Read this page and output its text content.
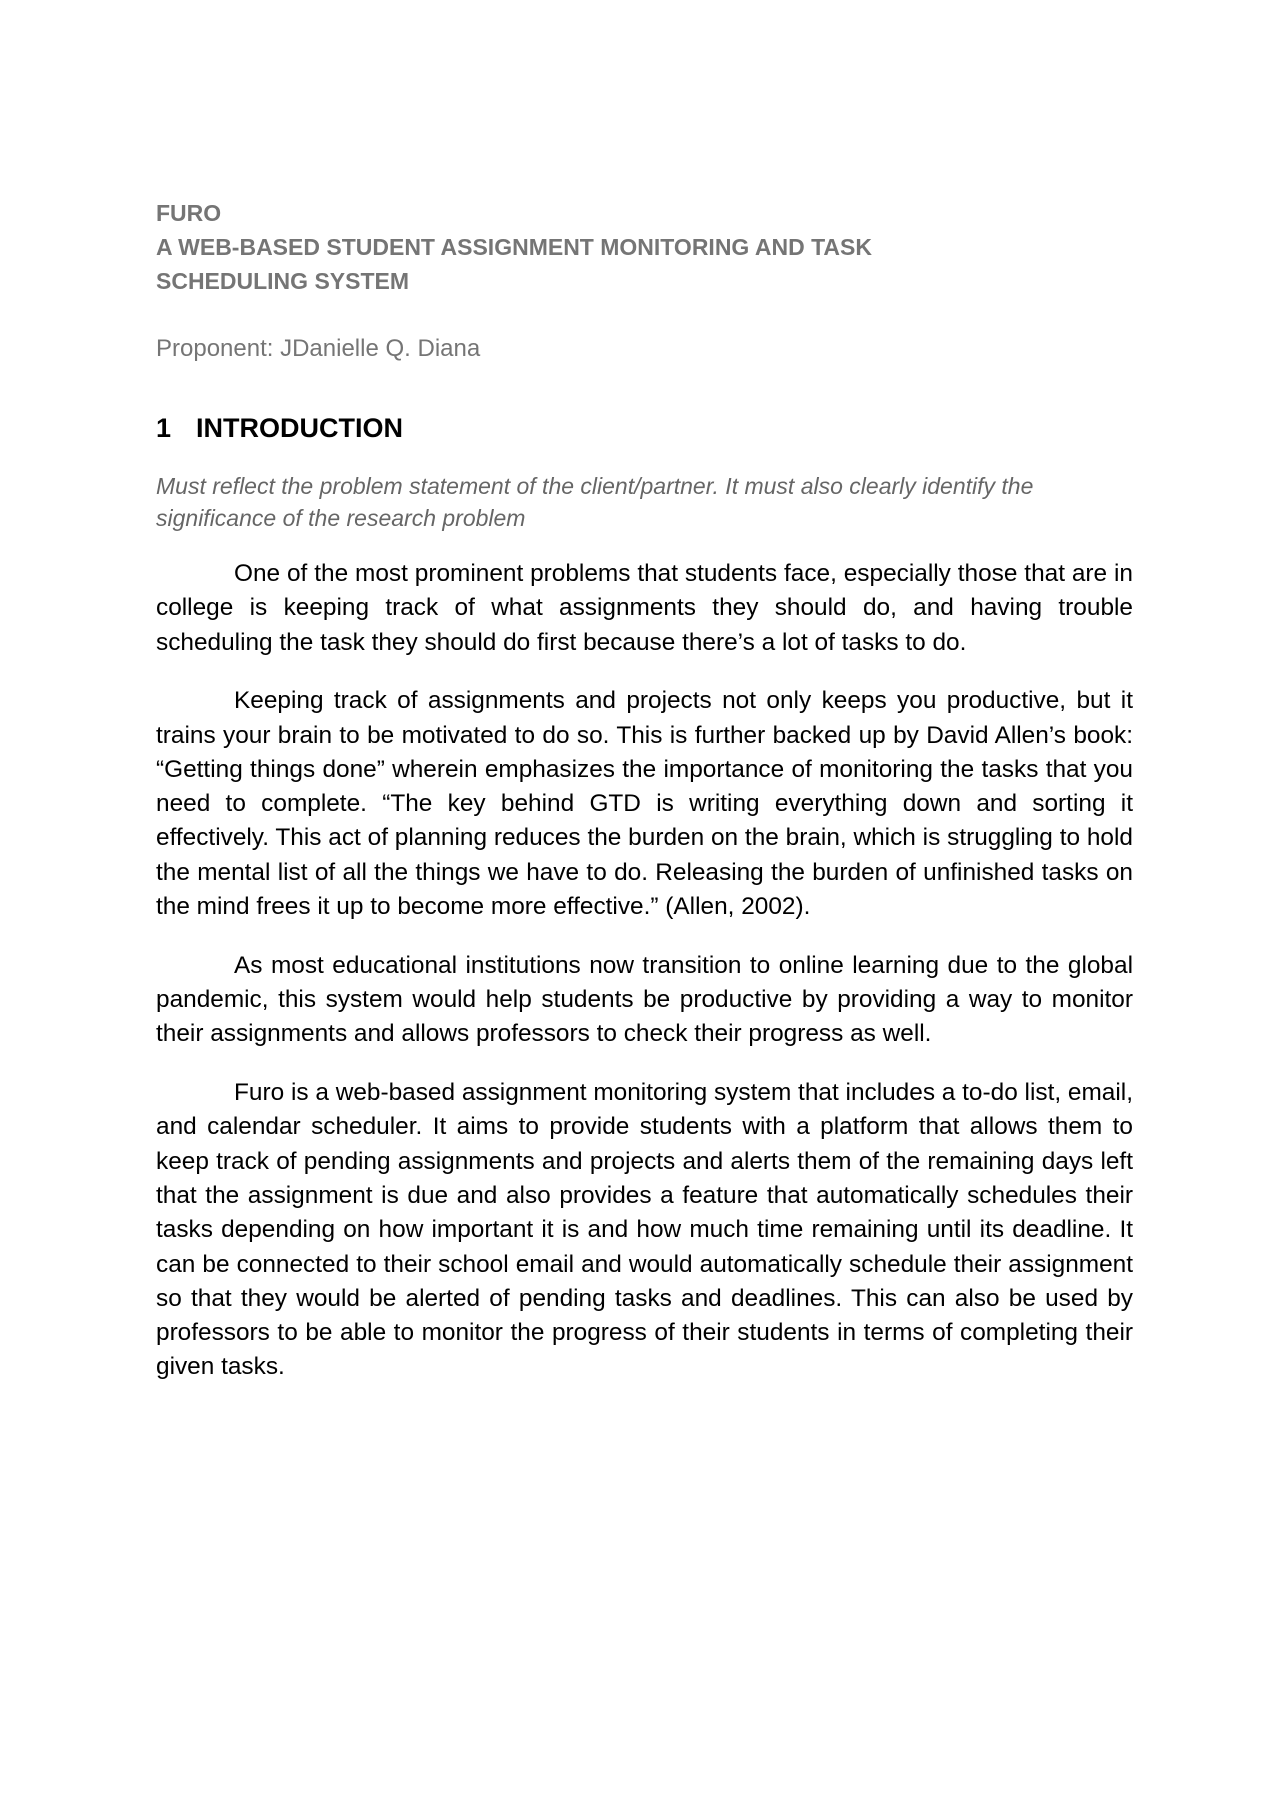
FURO
A WEB-BASED STUDENT ASSIGNMENT MONITORING AND TASK
SCHEDULING SYSTEM
Proponent: JDanielle Q. Diana
1 INTRODUCTION

Must reflect the problem statement of the client/partner. It must also clearly identify the significance of the research problem

One of the most prominent problems that students face, especially those that are in college is keeping track of what assignments they should do, and having trouble scheduling the task they should do first because there’s a lot of tasks to do.

Keeping track of assignments and projects not only keeps you productive, but it trains your brain to be motivated to do so. This is further backed up by David Allen’s book: “Getting things done” wherein emphasizes the importance of monitoring the tasks that you need to complete. “The key behind GTD is writing everything down and sorting it effectively. This act of planning reduces the burden on the brain, which is struggling to hold the mental list of all the things we have to do. Releasing the burden of unfinished tasks on the mind frees it up to become more effective.” (Allen, 2002).

As most educational institutions now transition to online learning due to the global pandemic, this system would help students be productive by providing a way to monitor their assignments and allows professors to check their progress as well.

Furo is a web-based assignment monitoring system that includes a to-do list, email, and calendar scheduler. It aims to provide students with a platform that allows them to keep track of pending assignments and projects and alerts them of the remaining days left that the assignment is due and also provides a feature that automatically schedules their tasks depending on how important it is and how much time remaining until its deadline. It can be connected to their school email and would automatically schedule their assignment so that they would be alerted of pending tasks and deadlines. This can also be used by professors to be able to monitor the progress of their students in terms of completing their given tasks.
